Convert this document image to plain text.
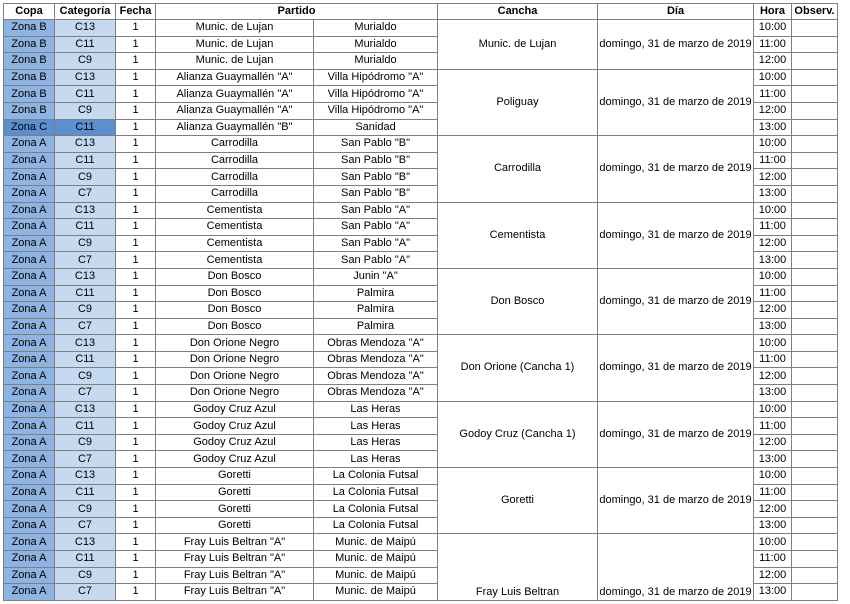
Copa	Categoría	Fecha	Partido		Cancha	Día	Hora	Observ.
Zona B	C13	1	Munic. de Lujan	Murialdo	Munic. de Lujan	domingo, 31 de marzo de 2019	10:00	
Zona B	C11	1	Munic. de Lujan	Murialdo			11:00	
Zona B	C9	1	Munic. de Lujan	Murialdo			12:00	
Zona B	C13	1	Alianza Guaymallén "A"	Villa Hipódromo "A"	Poliguay	domingo, 31 de marzo de 2019	10:00	
Zona B	C11	1	Alianza Guaymallén "A"	Villa Hipódromo "A"			11:00	
Zona B	C9	1	Alianza Guaymallén "A"	Villa Hipódromo "A"			12:00	
Zona C	C11	1	Alianza Guaymallén "B"	Sanidad			13:00	
Zona A	C13	1	Carrodilla	San Pablo "B"	Carrodilla	domingo, 31 de marzo de 2019	10:00	
Zona A	C11	1	Carrodilla	San Pablo "B"			11:00	
Zona A	C9	1	Carrodilla	San Pablo "B"			12:00	
Zona A	C7	1	Carrodilla	San Pablo "B"			13:00	
Zona A	C13	1	Cementista	San Pablo "A"	Cementista	domingo, 31 de marzo de 2019	10:00	
Zona A	C11	1	Cementista	San Pablo "A"			11:00	
Zona A	C9	1	Cementista	San Pablo "A"			12:00	
Zona A	C7	1	Cementista	San Pablo "A"			13:00	
Zona A	C13	1	Don Bosco	Junin "A"	Don Bosco	domingo, 31 de marzo de 2019	10:00	
Zona A	C11	1	Don Bosco	Palmira			11:00	
Zona A	C9	1	Don Bosco	Palmira			12:00	
Zona A	C7	1	Don Bosco	Palmira			13:00	
Zona A	C13	1	Don Orione Negro	Obras Mendoza "A"	Don Orione (Cancha 1)	domingo, 31 de marzo de 2019	10:00	
Zona A	C11	1	Don Orione Negro	Obras Mendoza "A"			11:00	
Zona A	C9	1	Don Orione Negro	Obras Mendoza "A"			12:00	
Zona A	C7	1	Don Orione Negro	Obras Mendoza "A"			13:00	
Zona A	C13	1	Godoy Cruz Azul	Las Heras	Godoy Cruz (Cancha 1)	domingo, 31 de marzo de 2019	10:00	
Zona A	C11	1	Godoy Cruz Azul	Las Heras			11:00	
Zona A	C9	1	Godoy Cruz Azul	Las Heras			12:00	
Zona A	C7	1	Godoy Cruz Azul	Las Heras			13:00	
Zona A	C13	1	Goretti	La Colonia Futsal	Goretti	domingo, 31 de marzo de 2019	10:00	
Zona A	C11	1	Goretti	La Colonia Futsal			11:00	
Zona A	C9	1	Goretti	La Colonia Futsal			12:00	
Zona A	C7	1	Goretti	La Colonia Futsal			13:00	
Zona A	C13	1	Fray Luis Beltran "A"	Munic. de Maipú	Fray Luis Beltran	domingo, 31 de marzo de 2019	10:00	
Zona A	C11	1	Fray Luis Beltran "A"	Munic. de Maipú			11:00	
Zona A	C9	1	Fray Luis Beltran "A"	Munic. de Maipú			12:00	
Zona A	C7	1	Fray Luis Beltran "A"	Munic. de Maipú			13:00	
